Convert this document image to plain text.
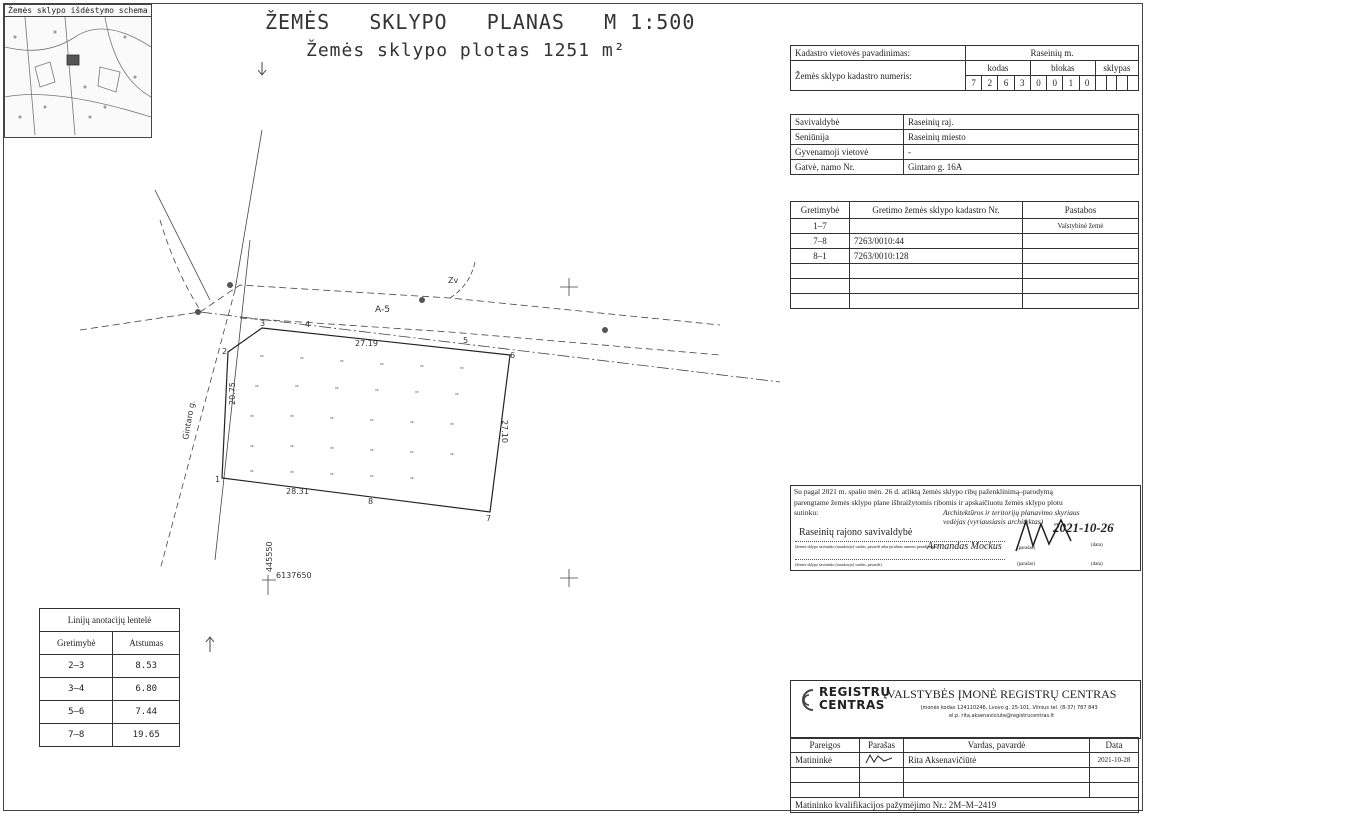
Žemės sklypo išdėstymo schema	ŽEMĖS   SKLYPO   PLANAS   M 1:500
Žemės sklypo plotas 1251 m²	Kadastro vietovės pavadinimas:	Raseinių m.											
Žemės sklypo kadastro numeris:	kodas				blokas				sklypas			
	7	2	6	3	0	0	1	0				
Savivaldybė	Raseinių raj.
Seniūnija	Raseinių miesto
Gyvenamoji vietovė	-
Gatvė, namo Nr.	Gintaro g. 16A
Gretimybė	Gretimo žemės sklypo kadastro Nr.	Pastabos
1–7		Valstybinė žemė
7–8	7263/0010:44	
8–1	7263/0010:128	

Su pagal 2021 m. spalio mėn. 26 d. atliktą žemės sklypo ribų paženklinimą–parodymą
parengtame žemės sklypo plane išbraižytomis ribomis ir apskaičiuotu žemės sklypo plotu
sutinku:	Architektūros ir teritorijų planavimo skyriaus
vedėjas (vyriausiasis architektas)
Raseinių rajono savivaldybė
Armandas Mockus
2021-10-26
(žemės sklypo savininko (naudotojo) vardas, pavardė arba juridinio asmens pavadinimas)	(parašas)
(data)
(žemės sklypo savininko (naudotojo) vardas, pavardė)	(parašas)	(data)
Linijų anotacijų lentelė	
Gretimybė	Atstumas
2–3	8.53
3–4	6.80
5–6	7.44
7–8	19.65
REGISTRŲ
CENTRAS
VALSTYBĖS ĮMONĖ REGISTRŲ CENTRAS
Įmonės kodas 124110246, Lvovo g. 25-101, Vilnius tel. (8-37) 787 843
el.p. rita.aksenaviciute@registrucentras.lt
Pareigos	Parašas	Vardas, pavardė	Data
Matininkė		Rita Aksenavičiūtė	2021-10-28

Matininko kvalifikacijos pažymėjimo Nr.: 2M–M–2419			
''	''	''	''	''	''
''	''	''	''	''	''
''	''	''	''	''	''
''	''	''	''	''	''
''	''	''	''	''
A-5
Zv
Gintaro g.
27.19
28.31
20.75
27.10
6137650
445550
1
2
3	4
5
6
7
8
